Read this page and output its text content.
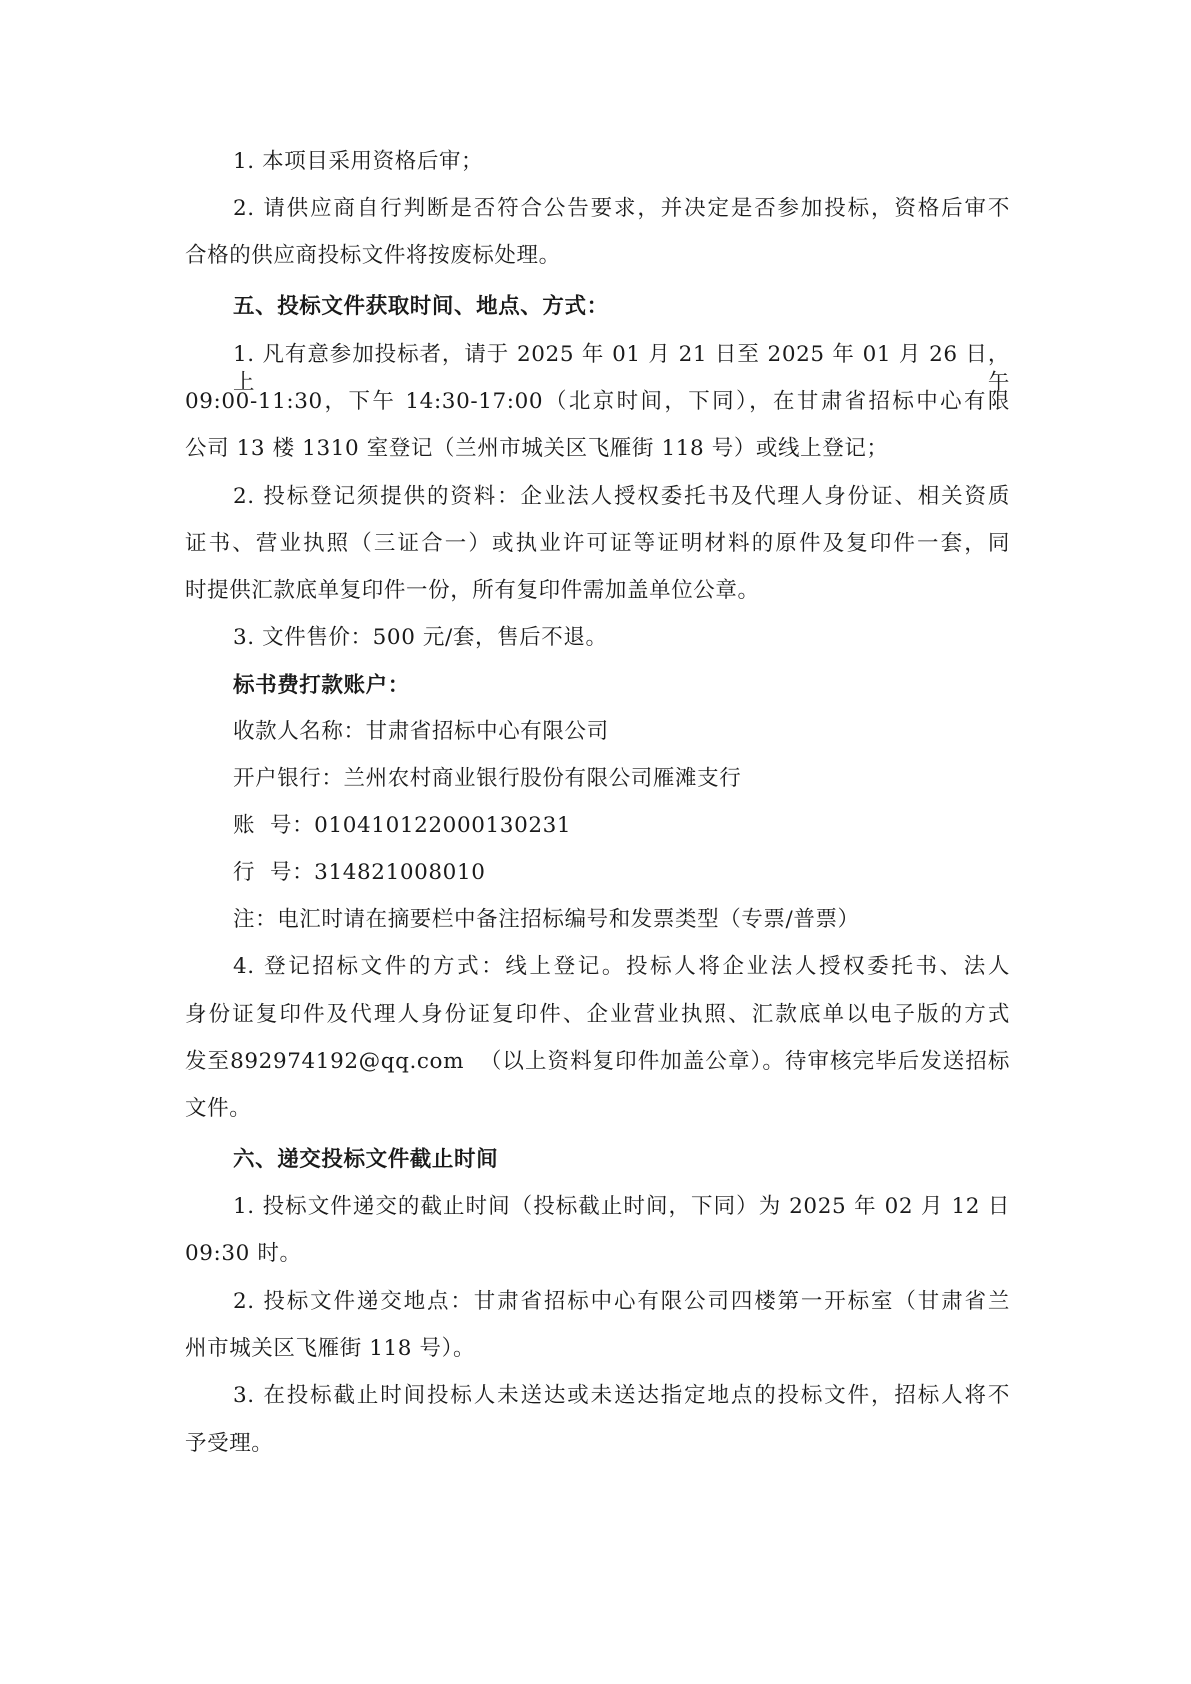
1. 本项目采用资格后审；
2. 请供应商自行判断是否符合公告要求，并决定是否参加投标，资格后审不
合格的供应商投标文件将按废标处理。
五、投标文件获取时间、地点、方式：
1. 凡有意参加投标者，请于 2025 年 01 月 21 日至 2025 年 01 月 26 日，上午
09:00-11:30，下午 14:30-17:00（北京时间，下同），在甘肃省招标中心有限
公司 13 楼 1310 室登记（兰州市城关区飞雁街 118 号）或线上登记；
2. 投标登记须提供的资料：企业法人授权委托书及代理人身份证、相关资质
证书、营业执照（三证合一）或执业许可证等证明材料的原件及复印件一套，同
时提供汇款底单复印件一份，所有复印件需加盖单位公章。
3. 文件售价：500 元/套，售后不退。
标书费打款账户：
收款人名称：甘肃省招标中心有限公司
开户银行：兰州农村商业银行股份有限公司雁滩支行
账  号：010410122000130231
行  号：314821008010
注：电汇时请在摘要栏中备注招标编号和发票类型（专票/普票）
4. 登记招标文件的方式：线上登记。投标人将企业法人授权委托书、法人
身份证复印件及代理人身份证复印件、企业营业执照、汇款底单以电子版的方式
发至892974192@qq.com  （以上资料复印件加盖公章）。待审核完毕后发送招标
文件。
六、递交投标文件截止时间
1. 投标文件递交的截止时间（投标截止时间，下同）为 2025 年 02 月 12 日
09:30 时。
2. 投标文件递交地点：甘肃省招标中心有限公司四楼第一开标室（甘肃省兰
州市城关区飞雁街 118 号）。
3. 在投标截止时间投标人未送达或未送达指定地点的投标文件，招标人将不
予受理。
